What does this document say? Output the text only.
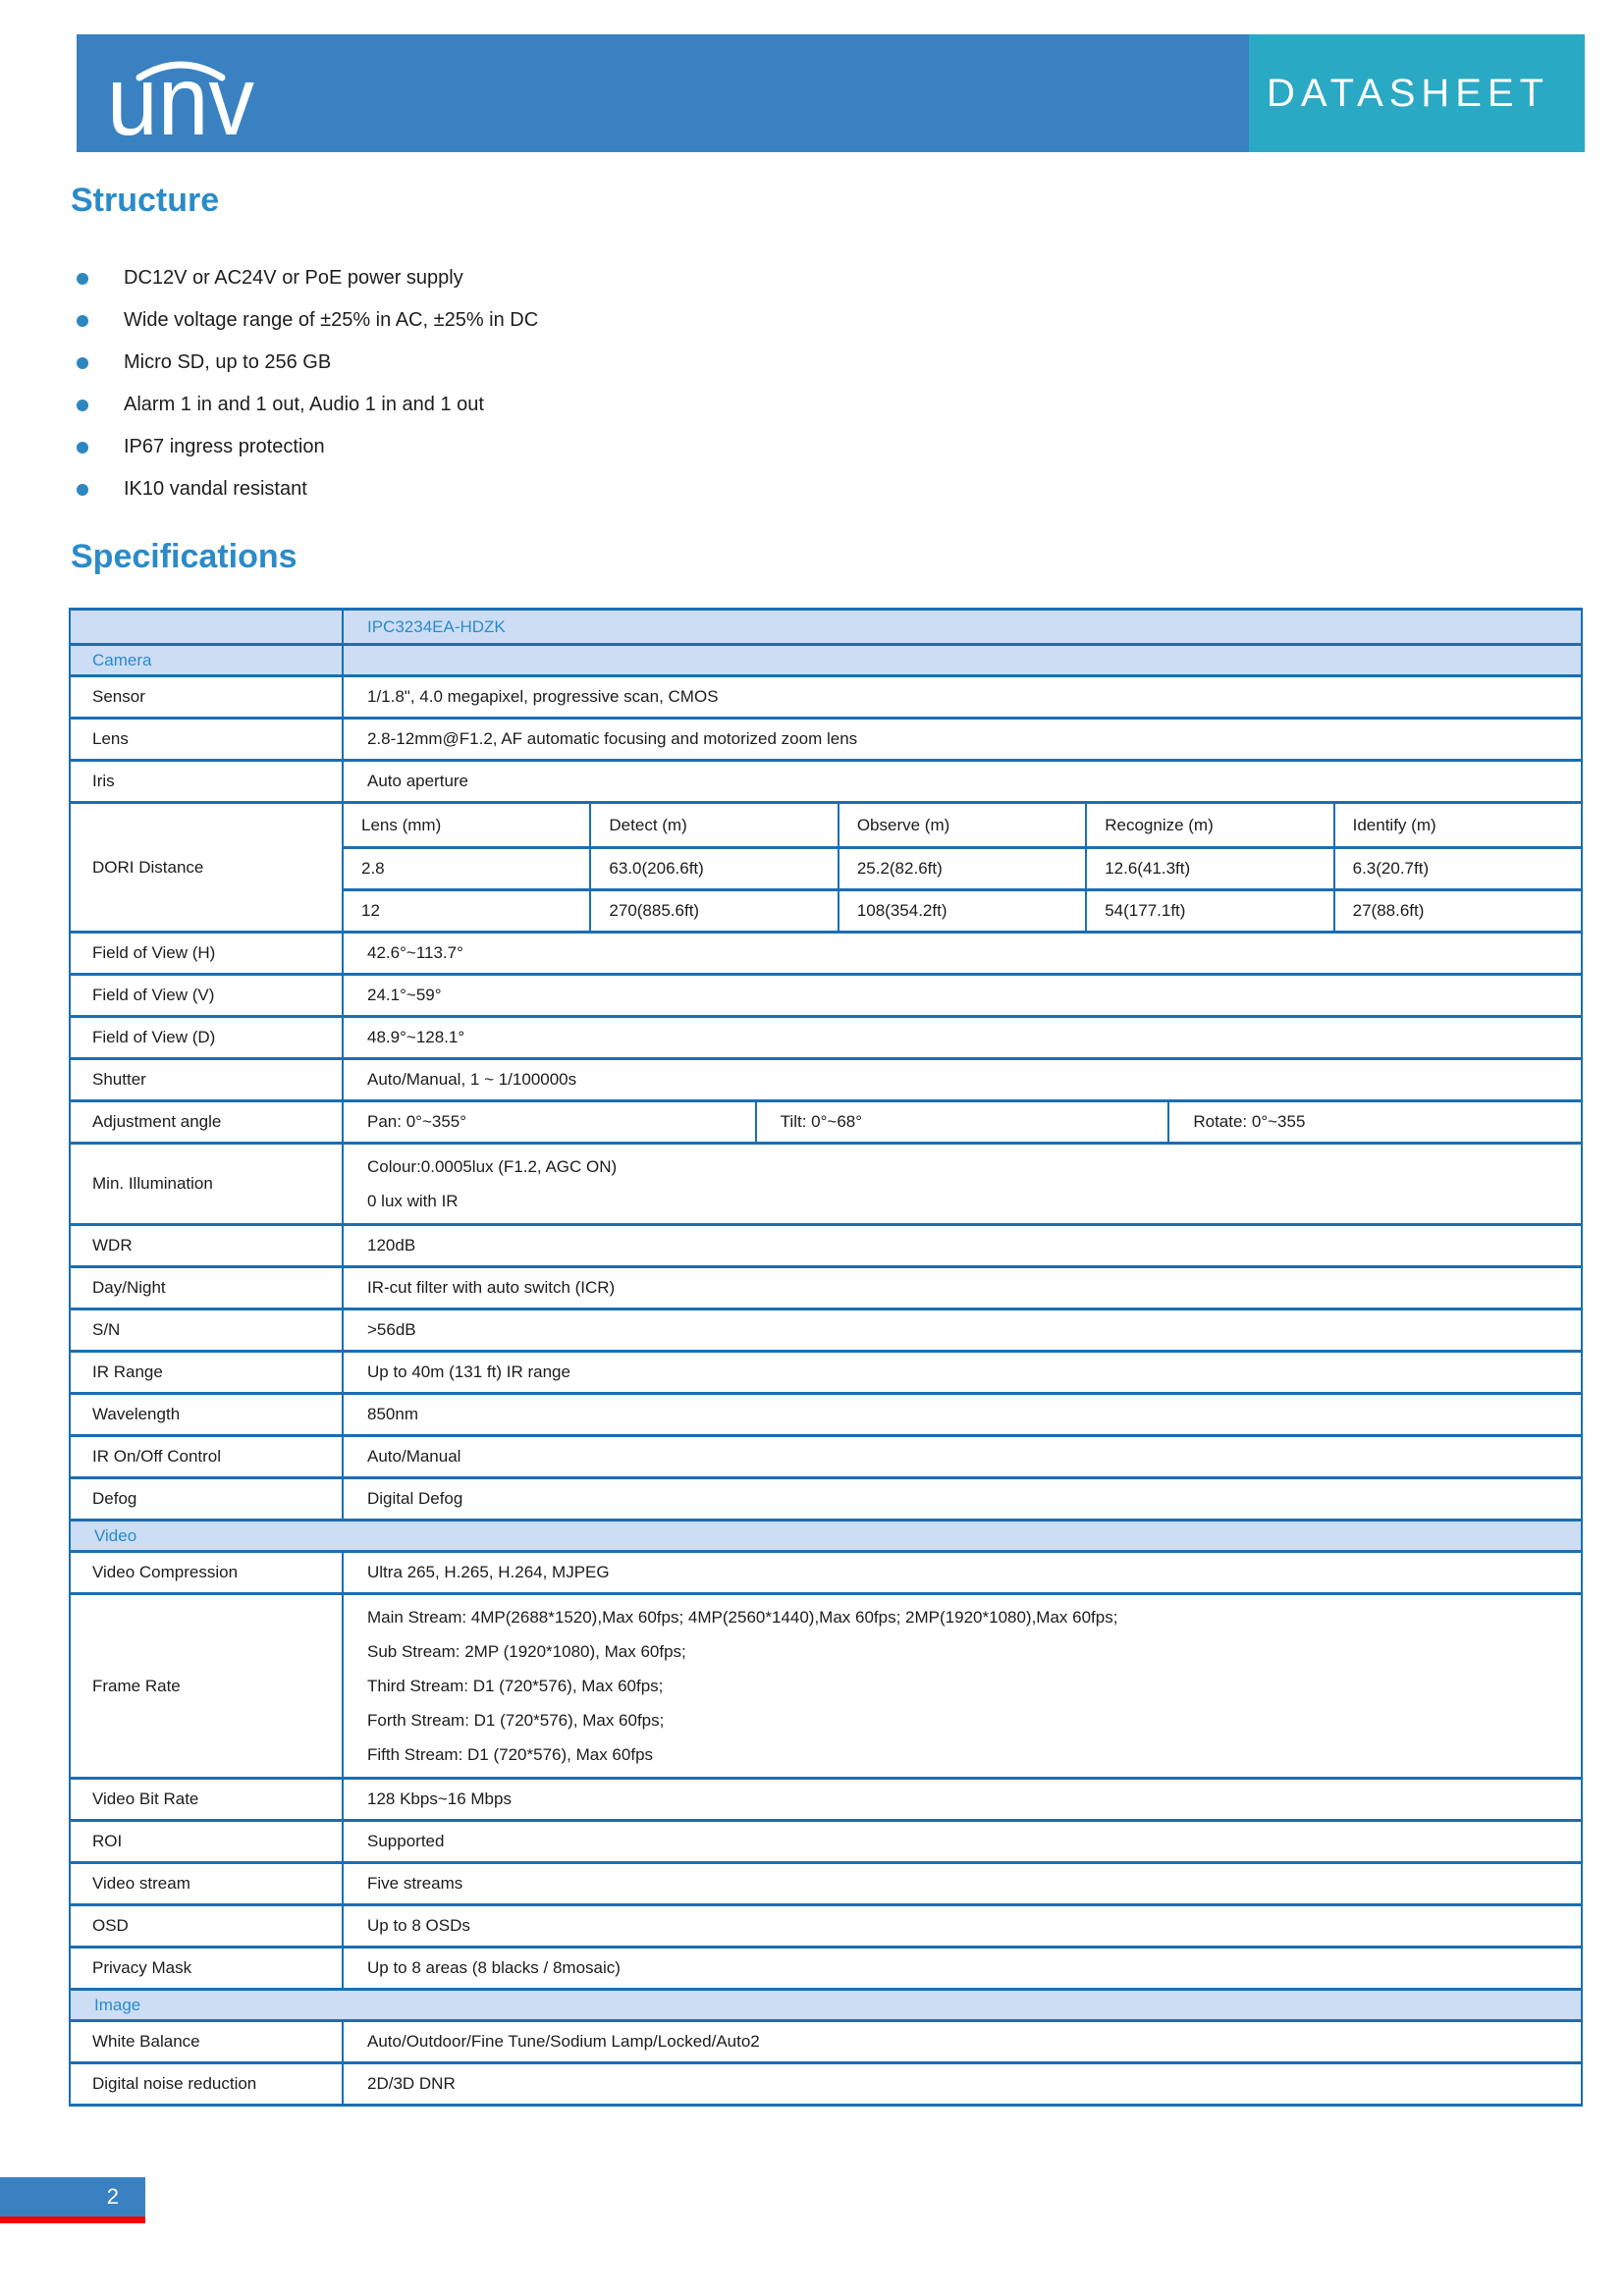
unv	DATASHEET
Structure
DC12V or AC24V or PoE power supply
Wide voltage range of ±25% in AC, ±25% in DC
Micro SD, up to 256 GB
Alarm 1 in and 1 out, Audio 1 in and 1 out
IP67 ingress protection
IK10 vandal resistant
Specifications
IPC3234EA-HDZK
Camera
Sensor	1/1.8", 4.0 megapixel, progressive scan, CMOS
Lens	2.8-12mm@F1.2, AF automatic focusing and motorized zoom lens
Iris	Auto aperture
DORI Distance
Lens (mm)	Detect (m)	Observe (m)	Recognize (m)	Identify (m)
2.8	63.0(206.6ft)	25.2(82.6ft)	12.6(41.3ft)	6.3(20.7ft)
12	270(885.6ft)	108(354.2ft)	54(177.1ft)	27(88.6ft)
Field of View (H)	42.6°~113.7°
Field of View (V)	24.1°~59°
Field of View (D)	48.9°~128.1°
Shutter	Auto/Manual, 1 ~ 1/100000s
Adjustment angle	Pan: 0°~355°	Tilt: 0°~68°	Rotate: 0°~355
Min. Illumination
Colour:0.0005lux (F1.2, AGC ON)
0 lux with IR
WDR	120dB
Day/Night	IR-cut filter with auto switch (ICR)
S/N	>56dB
IR Range	Up to 40m (131 ft) IR range
Wavelength	850nm
IR On/Off Control	Auto/Manual
Defog	Digital Defog
Video
Video Compression	Ultra 265, H.265, H.264, MJPEG
Frame Rate
Main Stream: 4MP(2688*1520),Max 60fps; 4MP(2560*1440),Max 60fps; 2MP(1920*1080),Max 60fps;
Sub Stream: 2MP (1920*1080), Max 60fps;
Third Stream: D1 (720*576), Max 60fps;
Forth Stream: D1 (720*576), Max 60fps;
Fifth Stream: D1 (720*576), Max 60fps
Video Bit Rate	128 Kbps~16 Mbps
ROI	Supported
Video stream	Five streams
OSD	Up to 8 OSDs
Privacy Mask	Up to 8 areas (8 blacks / 8mosaic)
Image
White Balance	Auto/Outdoor/Fine Tune/Sodium Lamp/Locked/Auto2
Digital noise reduction	2D/3D DNR
2
